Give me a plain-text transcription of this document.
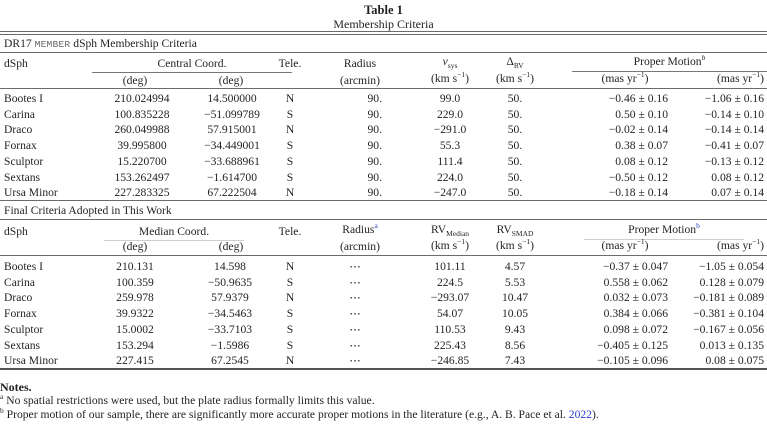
Table 1
Membership Criteria
DR17 MEMBER dSph Membership Criteria
dSph	Central Coord.	Tele.	Radius	$v_{sys}$	$\Delta_{RV}$	Proper Motion$^b$
(deg)	(deg)	(arcmin)	(km $s^{-1}$)	(km $s^{-1}$)	(mas $yr^{-1}$)	(mas $yr^{-1}$)
Bootes I	210.024994	14.500000	N	90.	99.0	50.	−0.46 ± 0.16	−1.06 ± 0.16
Carina	100.835228	−51.099789	S	90.	229.0	50.	0.50 ± 0.10	−0.14 ± 0.10
Draco	260.049988	57.915001	N	90.	−291.0	50.	−0.02 ± 0.14	−0.14 ± 0.14
Fornax	39.995800	−34.449001	S	90.	55.3	50.	0.38 ± 0.07	−0.41 ± 0.07
Sculptor	15.220700	−33.688961	S	90.	111.4	50.	0.08 ± 0.12	−0.13 ± 0.12
Sextans	153.262497	−1.614700	S	90.	224.0	50.	−0.50 ± 0.12	0.08 ± 0.12
Ursa Minor	227.283325	67.222504	N	90.	−247.0	50.	−0.18 ± 0.14	0.07 ± 0.14
Final Criteria Adopted in This Work
dSph	Median Coord.	Tele.	Radius$^a$	$RV_{Median}$	$RV_{SMAD}$	Proper Motion$^b$
(deg)	(deg)	(arcmin)	(km $s^{-1}$)	(km $s^{-1}$)	(mas $yr^{-1}$)	(mas $yr^{-1}$)
Bootes I	210.131	14.598	N	⋯	101.11	4.57	−0.37 ± 0.047	−1.05 ± 0.054
Carina	100.359	−50.9635	S	⋯	224.5	5.53	0.558 ± 0.062	0.128 ± 0.079
Draco	259.978	57.9379	N	⋯	−293.07	10.47	0.032 ± 0.073	−0.181 ± 0.089
Fornax	39.9322	−34.5463	S	⋯	54.07	10.05	0.384 ± 0.066	−0.381 ± 0.104
Sculptor	15.0002	−33.7103	S	⋯	110.53	9.43	0.098 ± 0.072	−0.167 ± 0.056
Sextans	153.294	−1.5986	S	⋯	225.43	8.56	−0.405 ± 0.125	0.013 ± 0.135
Ursa Minor	227.415	67.2545	N	⋯	−246.85	7.43	−0.105 ± 0.096	0.08 ± 0.075
Notes.
$^a$ No spatial restrictions were used, but the plate radius formally limits this value.
$^b$ Proper motion of our sample, there are significantly more accurate proper motions in the literature (e.g., A. B. Pace et al. 2022).
